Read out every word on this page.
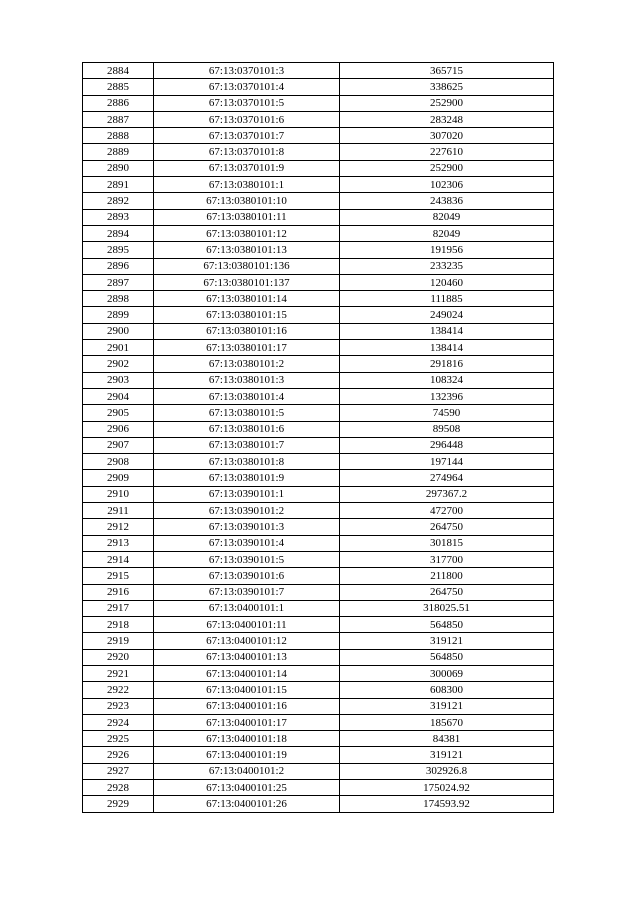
2884	67:13:0370101:3	365715
2885	67:13:0370101:4	338625
2886	67:13:0370101:5	252900
2887	67:13:0370101:6	283248
2888	67:13:0370101:7	307020
2889	67:13:0370101:8	227610
2890	67:13:0370101:9	252900
2891	67:13:0380101:1	102306
2892	67:13:0380101:10	243836
2893	67:13:0380101:11	82049
2894	67:13:0380101:12	82049
2895	67:13:0380101:13	191956
2896	67:13:0380101:136	233235
2897	67:13:0380101:137	120460
2898	67:13:0380101:14	111885
2899	67:13:0380101:15	249024
2900	67:13:0380101:16	138414
2901	67:13:0380101:17	138414
2902	67:13:0380101:2	291816
2903	67:13:0380101:3	108324
2904	67:13:0380101:4	132396
2905	67:13:0380101:5	74590
2906	67:13:0380101:6	89508
2907	67:13:0380101:7	296448
2908	67:13:0380101:8	197144
2909	67:13:0380101:9	274964
2910	67:13:0390101:1	297367.2
2911	67:13:0390101:2	472700
2912	67:13:0390101:3	264750
2913	67:13:0390101:4	301815
2914	67:13:0390101:5	317700
2915	67:13:0390101:6	211800
2916	67:13:0390101:7	264750
2917	67:13:0400101:1	318025.51
2918	67:13:0400101:11	564850
2919	67:13:0400101:12	319121
2920	67:13:0400101:13	564850
2921	67:13:0400101:14	300069
2922	67:13:0400101:15	608300
2923	67:13:0400101:16	319121
2924	67:13:0400101:17	185670
2925	67:13:0400101:18	84381
2926	67:13:0400101:19	319121
2927	67:13:0400101:2	302926.8
2928	67:13:0400101:25	175024.92
2929	67:13:0400101:26	174593.92
